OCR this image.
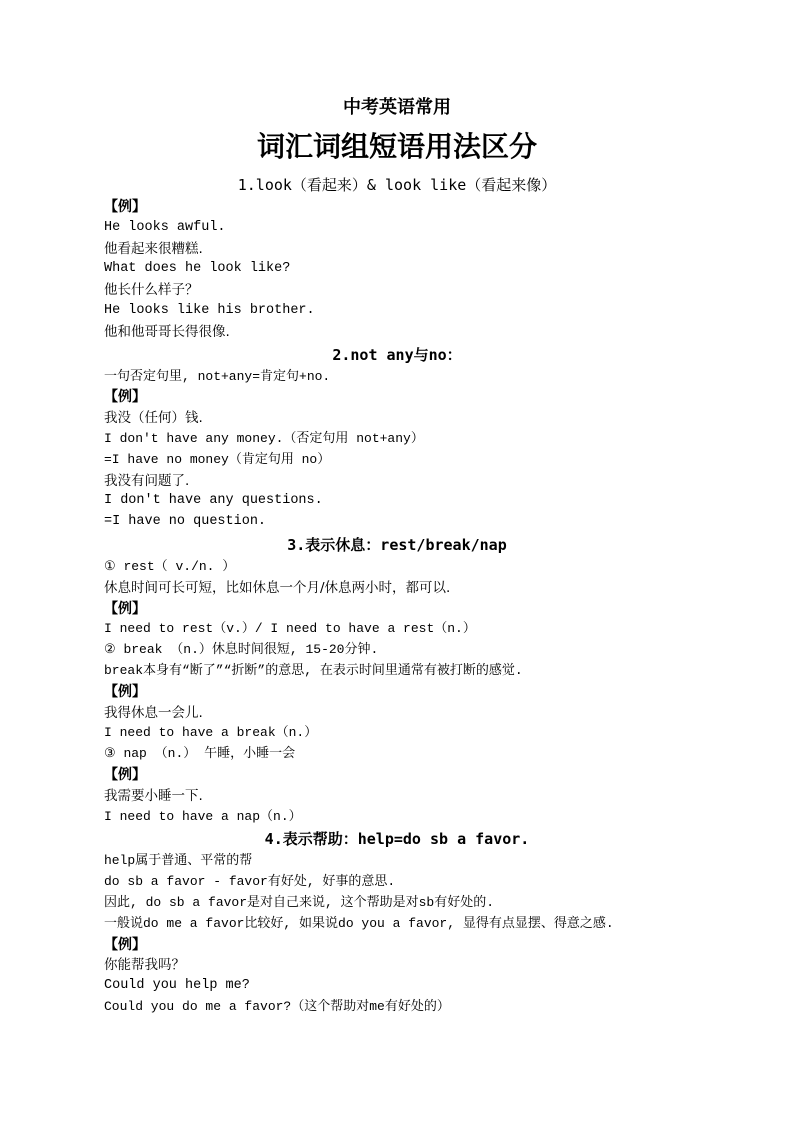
中考英语常用
词汇词组短语用法区分
1.look（看起来）& look like（看起来像）
【例】
He looks awful.
他看起来很糟糕.
What does he look like?
他长什么样子？
He looks like his brother.
他和他哥哥长得很像.
2.not any与no：
一句否定句里, not+any=肯定句+no.
【例】
我没（任何）钱.
I don't have any money.（否定句用 not+any）
=I have no money（肯定句用 no）
我没有问题了.
I don't have any questions.
=I have no question.
3.表示休息：rest/break/nap
① rest（ v./n. ）
休息时间可长可短，比如休息一个月/休息两小时，都可以.
【例】
I need to rest（v.）/ I need to have a rest（n.）
② break （n.）休息时间很短, 15-20分钟.
break本身有“断了”“折断”的意思, 在表示时间里通常有被打断的感觉.
【例】
我得休息一会儿.
I need to have a break（n.）
③ nap （n.） 午睡，小睡一会
【例】
我需要小睡一下.
I need to have a nap（n.）
4.表示帮助：help=do sb a favor.
help属于普通、平常的帮
do sb a favor - favor有好处, 好事的意思.
因此, do sb a favor是对自己来说, 这个帮助是对sb有好处的.
一般说do me a favor比较好, 如果说do you a favor, 显得有点显摆、得意之感.
【例】
你能帮我吗？
Could you help me?
Could you do me a favor?（这个帮助对me有好处的）
